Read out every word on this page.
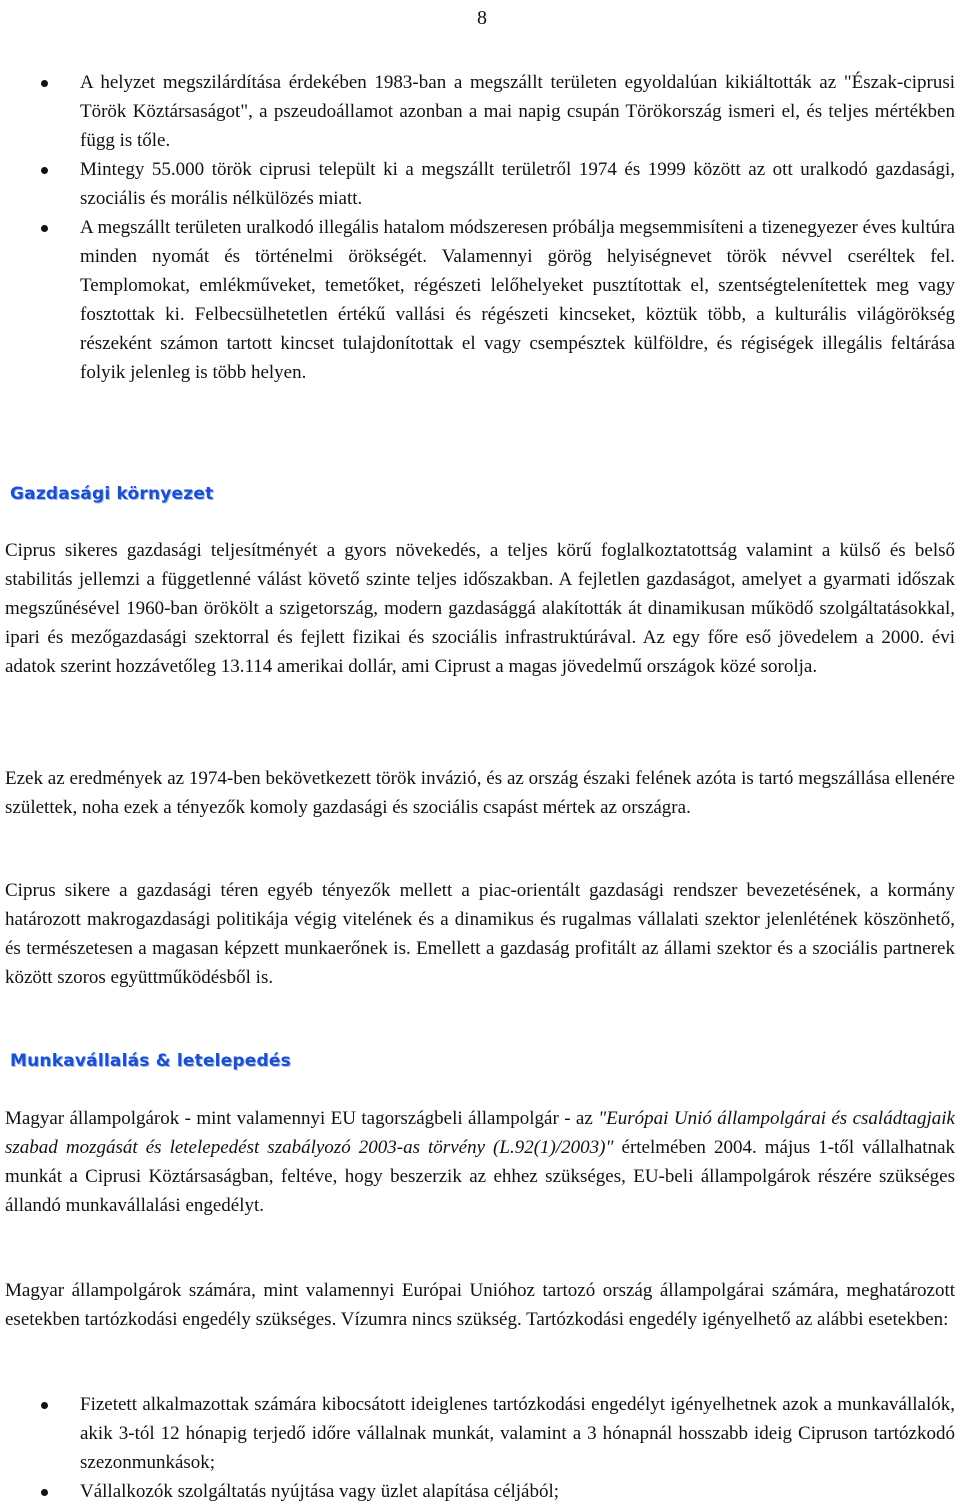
8
A helyzet megszilárdítása érdekében 1983-ban a megszállt területen egyoldalúan kikiáltották az "Észak-ciprusi Török Köztársaságot", a pszeudoállamot azonban a mai napig csupán Törökország ismeri el, és teljes mértékben függ is tőle.
Mintegy 55.000 török ciprusi települt ki a megszállt területről 1974 és 1999 között az ott uralkodó gazdasági, szociális és morális nélkülözés miatt.
A megszállt területen uralkodó illegális hatalom módszeresen próbálja megsemmisíteni a tizenegyezer éves kultúra minden nyomát és történelmi örökségét. Valamennyi görög helyiségnevet török névvel cseréltek fel. Templomokat, emlékműveket, temetőket, régészeti lelőhelyeket pusztítottak el, szentségtelenítettek meg vagy fosztottak ki. Felbecsülhetetlen értékű vallási és régészeti kincseket, köztük több, a kulturális világörökség részeként számon tartott kincset tulajdonítottak el vagy csempésztek külföldre, és régiségek illegális feltárása folyik jelenleg is több helyen.
Gazdasági környezet

Ciprus sikeres gazdasági teljesítményét a gyors növekedés, a teljes körű foglalkoztatottság valamint a külső és belső stabilitás jellemzi a függetlenné válást követő szinte teljes időszakban. A fejletlen gazdaságot, amelyet a gyarmati időszak megszűnésével 1960-ban örökölt a szigetország, modern gazdasággá alakították át dinamikusan működő szolgáltatásokkal, ipari és mezőgazdasági szektorral és fejlett fizikai és szociális infrastruktúrával. Az egy főre eső jövedelem a 2000. évi adatok szerint hozzávetőleg 13.114 amerikai dollár, ami Ciprust a magas jövedelmű országok közé sorolja.

Ezek az eredmények az 1974-ben bekövetkezett török invázió, és az ország északi felének azóta is tartó megszállása ellenére születtek, noha ezek a tényezők komoly gazdasági és szociális csapást mértek az országra.

Ciprus sikere a gazdasági téren egyéb tényezők mellett a piac-orientált gazdasági rendszer bevezetésének, a kormány határozott makrogazdasági politikája végig vitelének és a dinamikus és rugalmas vállalati szektor jelenlétének köszönhető, és természetesen a magasan képzett munkaerőnek is. Emellett a gazdaság profitált az állami szektor és a szociális partnerek között szoros együttműködésből is.

Munkavállalás & letelepedés

Magyar állampolgárok - mint valamennyi EU tagországbeli állampolgár - az "Európai Unió állampolgárai és családtagjaik szabad mozgását és letelepedést szabályozó 2003-as törvény (L.92(1)/2003)" értelmében 2004. május 1-től vállalhatnak munkát a Ciprusi Köztársaságban, feltéve, hogy beszerzik az ehhez szükséges, EU-beli állampolgárok részére szükséges állandó munkavállalási engedélyt.

Magyar állampolgárok számára, mint valamennyi Európai Unióhoz tartozó ország állampolgárai számára, meghatározott esetekben tartózkodási engedély szükséges. Vízumra nincs szükség. Tartózkodási engedély igényelhető az alábbi esetekben:

Fizetett alkalmazottak számára kibocsátott ideiglenes tartózkodási engedélyt igényelhetnek azok a munkavállalók, akik 3-tól 12 hónapig terjedő időre vállalnak munkát, valamint a 3 hónapnál hosszabb ideig Cipruson tartózkodó szezonmunkások;
Vállalkozók szolgáltatás nyújtása vagy üzlet alapítása céljából;
